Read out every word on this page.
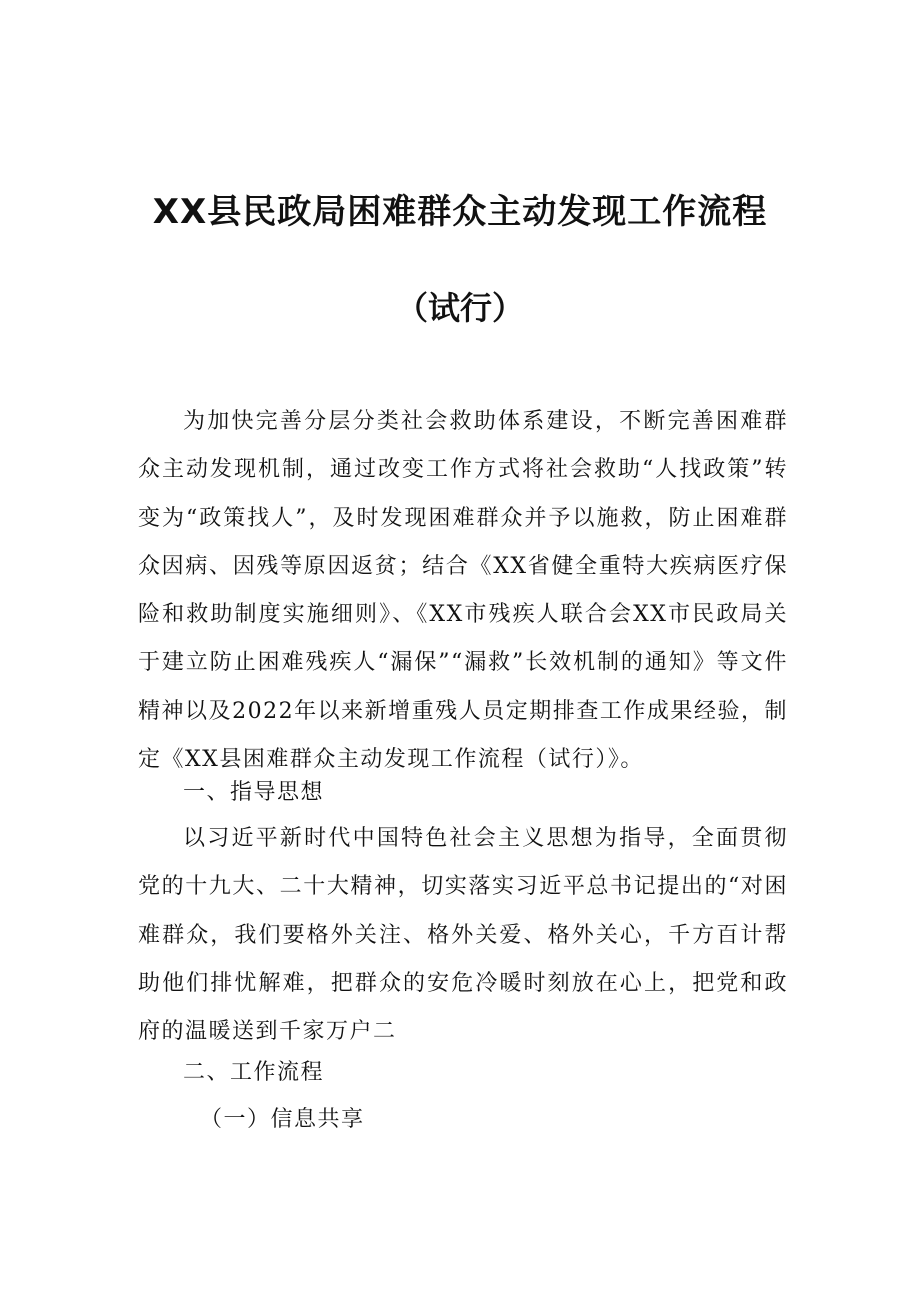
XX县民政局困难群众主动发现工作流程
（试行）

为加快完善分层分类社会救助体系建设，不断完善困难群众主动发现机制，通过改变工作方式将社会救助“人找政策”转变为“政策找人”，及时发现困难群众并予以施救，防止困难群众因病、因残等原因返贫；结合《XX省健全重特大疾病医疗保险和救助制度实施细则》、《XX市残疾人联合会XX市民政局关于建立防止困难残疾人“漏保”“漏救”长效机制的通知》等文件精神以及2022年以来新增重残人员定期排查工作成果经验，制定《XX县困难群众主动发现工作流程（试行）》。

一、指导思想

以习近平新时代中国特色社会主义思想为指导，全面贯彻党的十九大、二十大精神，切实落实习近平总书记提出的“对困难群众，我们要格外关注、格外关爱、格外关心，千方百计帮助他们排忧解难，把群众的安危冷暖时刻放在心上，把党和政府的温暖送到千家万户二

二、工作流程

（一）信息共享
